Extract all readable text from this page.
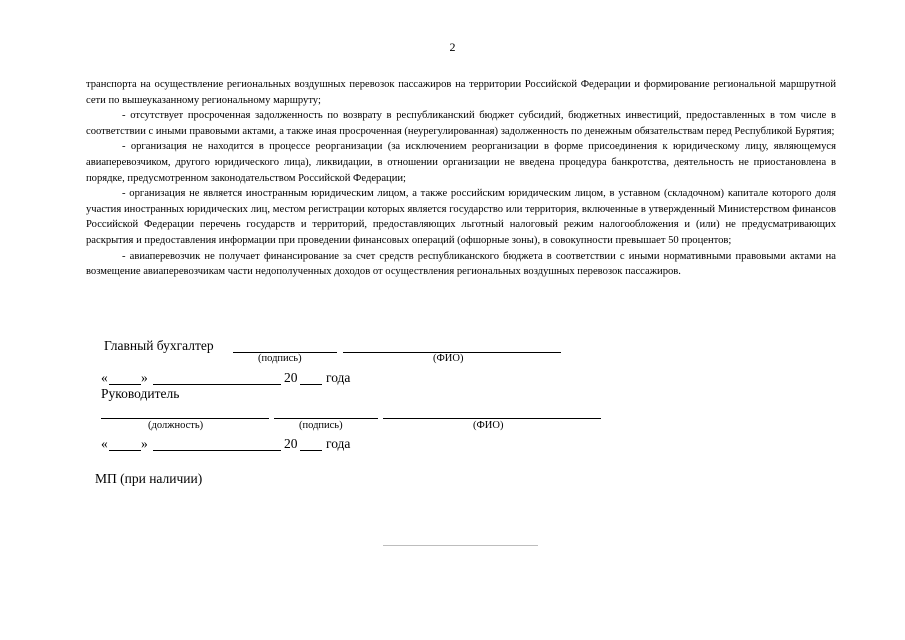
2

транспорта на осуществление региональных воздушных перевозок пассажиров на территории Российской Федерации и формирование региональной маршрутной сети по вышеуказанному региональному маршруту;

- отсутствует просроченная задолженность по возврату в республиканский бюджет субсидий, бюджетных инвестиций, предоставленных в том числе в соответствии с иными правовыми актами, а также иная просроченная (неурегулированная) задолженность по денежным обязательствам перед Республикой Бурятия;

- организация не находится в процессе реорганизации (за исключением реорганизации в форме присоединения к юридическому лицу, являющемуся авиаперевозчиком, другого юридического лица), ликвидации, в отношении организации не введена процедура банкротства, деятельность не приостановлена в порядке, предусмотренном законодательством Российской Федерации;

- организация не является иностранным юридическим лицом, а также российским юридическим лицом, в уставном (складочном) капитале которого доля участия иностранных юридических лиц, местом регистрации которых является государство или территория, включенные в утвержденный Министерством финансов Российской Федерации перечень государств и территорий, предоставляющих льготный налоговый режим налогообложения и (или) не предусматривающих раскрытия и предоставления информации при проведении финансовых операций (офшорные зоны), в совокупности превышает 50 процентов;

- авиаперевозчик не получает финансирование за счет средств республиканского бюджета в соответствии с иными нормативными правовыми актами на возмещение авиаперевозчикам части недополученных доходов от осуществления региональных воздушных перевозок пассажиров.

Главный бухгалтер
(подпись)	(ФИО)
« »	20 года
Руководитель
(должность)	(подпись)	(ФИО)
« »	20 года
МП (при наличии)
